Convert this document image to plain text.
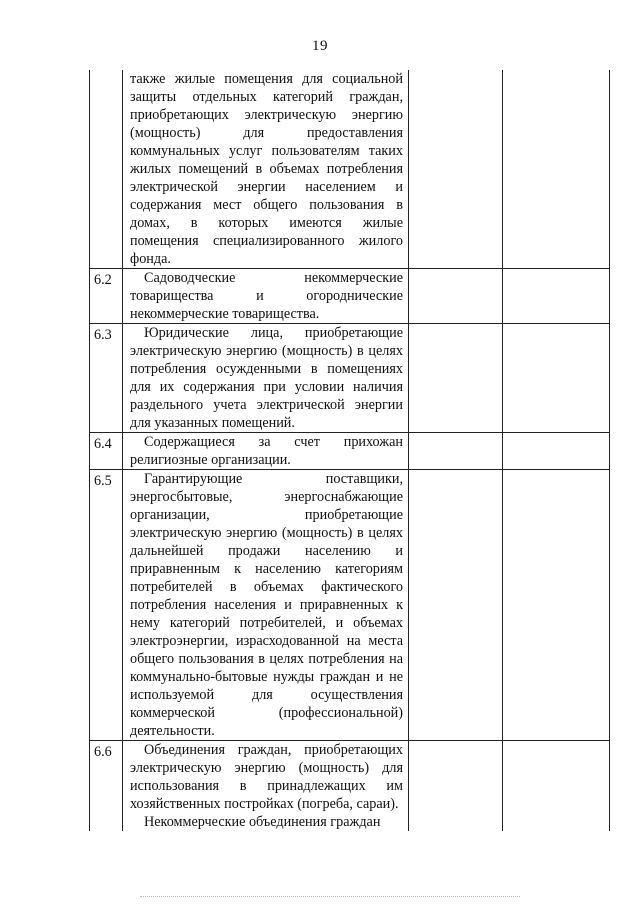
19

	также жилые помещения для социальной защиты отдельных категорий граждан, приобретающих электрическую энергию (мощность) для предоставления коммунальных услуг пользователям таких жилых помещений в объемах потребления электрической энергии населением и содержания мест общего пользования в домах, в которых имеются жилые помещения специализированного жилого фонда.		

6.2	Садоводческие некоммерческие товарищества и огороднические некоммерческие товарищества.		

6.3	Юридические лица, приобретающие электрическую энергию (мощность) в целях потребления осужденными в помещениях для их содержания при условии наличия раздельного учета электрической энергии для указанных помещений.		

6.4	Содержащиеся за счет прихожан религиозные организации.		

6.5	Гарантирующие поставщики, энергосбытовые, энергоснабжающие организации, приобретающие электрическую энергию (мощность) в целях дальнейшей продажи населению и приравненным к населению категориям потребителей в объемах фактического потребления населения и приравненных к нему категорий потребителей, и объемах электроэнергии, израсходованной на места общего пользования в целях потребления на коммунально-бытовые нужды граждан и не используемой для осуществления коммерческой (профессиональной) деятельности.		

6.6	Объединения граждан, приобретающих электрическую энергию (мощность) для использования в принадлежащих им хозяйственных постройках (погреба, сараи).

Некоммерческие объединения граждан		
